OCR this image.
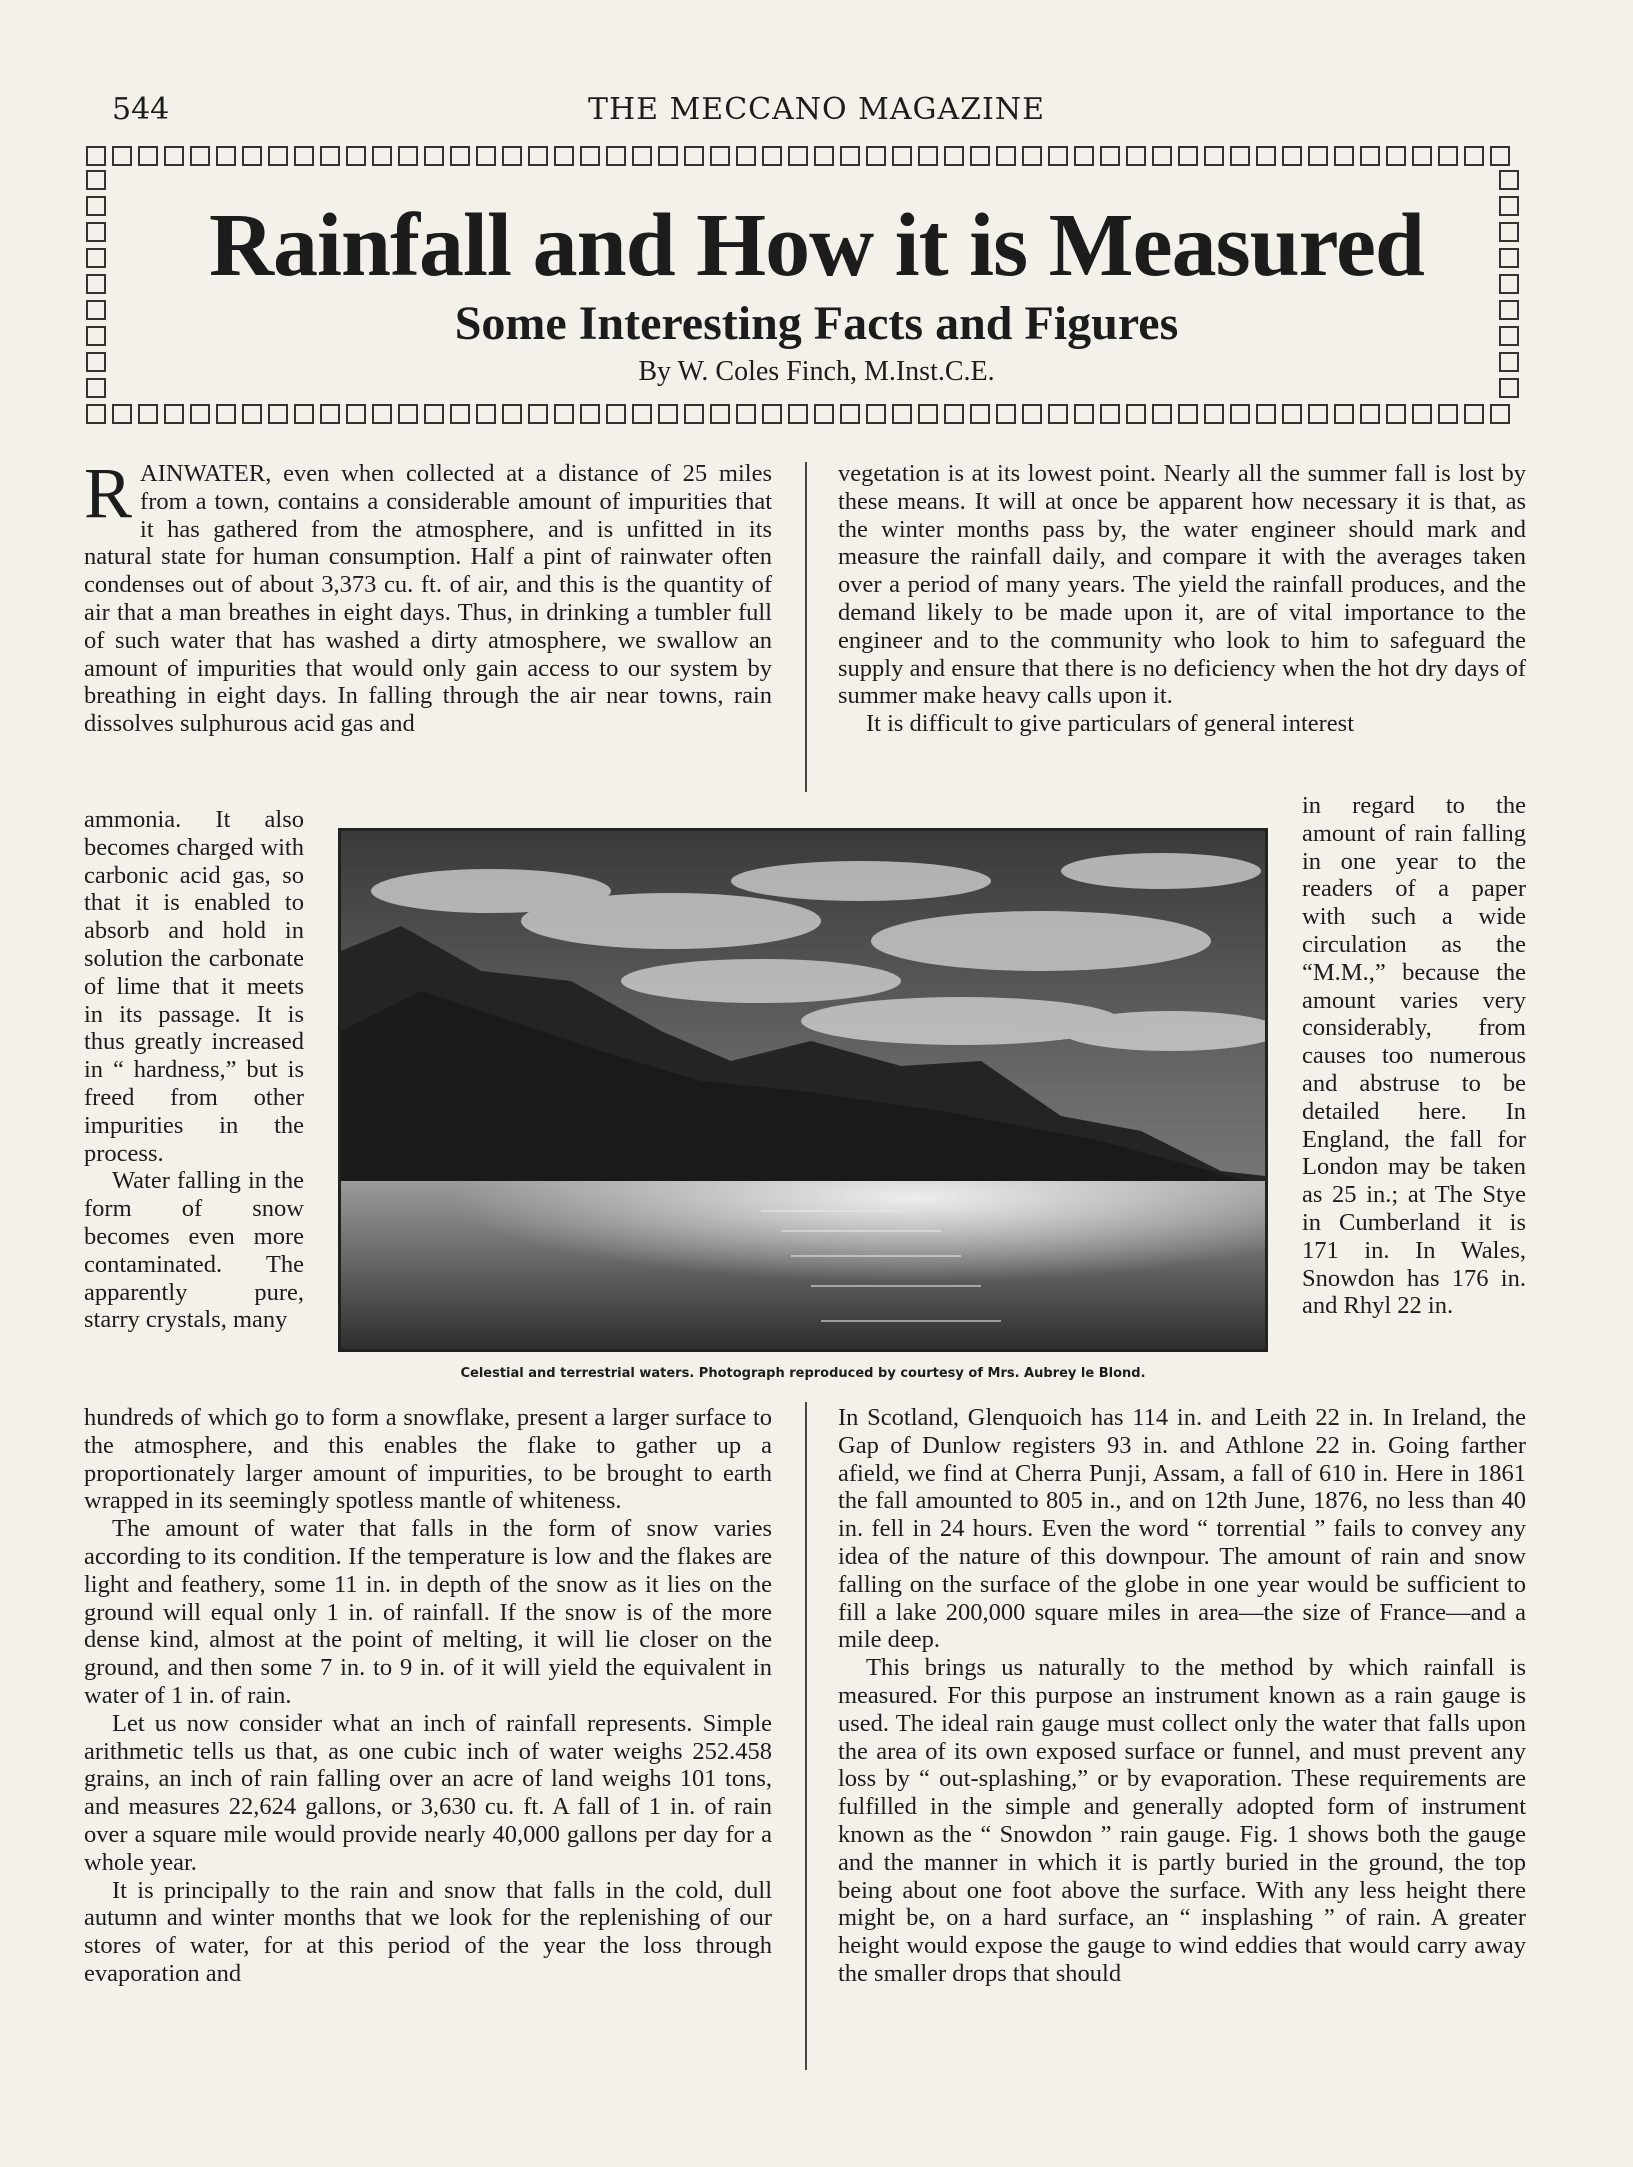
544	THE MECCANO MAGAZINE
Rainfall and How it is Measured
Some Interesting Facts and Figures
By W. Coles Finch, M.Inst.C.E.

RAINWATER, even when collected at a distance of 25 miles from a town, contains a considerable amount of impurities that it has gathered from the atmosphere, and is unfitted in its natural state for human consumption. Half a pint of rainwater often condenses out of about 3,373 cu. ft. of air, and this is the quantity of air that a man breathes in eight days. Thus, in drinking a tumbler full of such water that has washed a dirty atmosphere, we swallow an amount of impurities that would only gain access to our system by breathing in eight days. In falling through the air near towns, rain dissolves sulphurous acid gas and

ammonia. It also becomes charged with carbonic acid gas, so that it is enabled to absorb and hold in solution the carbonate of lime that it meets in its passage. It is thus greatly increased in “ hardness,” but is freed from other impurities in the process.

Water falling in the form of snow becomes even more contaminated. The apparently pure, starry crystals, many

hundreds of which go to form a snowflake, present a larger surface to the atmosphere, and this enables the flake to gather up a proportionately larger amount of impurities, to be brought to earth wrapped in its seemingly spotless mantle of whiteness.

The amount of water that falls in the form of snow varies according to its condition. If the temperature is low and the flakes are light and feathery, some 11 in. in depth of the snow as it lies on the ground will equal only 1 in. of rainfall. If the snow is of the more dense kind, almost at the point of melting, it will lie closer on the ground, and then some 7 in. to 9 in. of it will yield the equivalent in water of 1 in. of rain.

Let us now consider what an inch of rainfall represents. Simple arithmetic tells us that, as one cubic inch of water weighs 252.458 grains, an inch of rain falling over an acre of land weighs 101 tons, and measures 22,624 gallons, or 3,630 cu. ft. A fall of 1 in. of rain over a square mile would provide nearly 40,000 gallons per day for a whole year.

It is principally to the rain and snow that falls in the cold, dull autumn and winter months that we look for the replenishing of our stores of water, for at this period of the year the loss through evaporation and

vegetation is at its lowest point. Nearly all the summer fall is lost by these means. It will at once be apparent how necessary it is that, as the winter months pass by, the water engineer should mark and measure the rainfall daily, and compare it with the averages taken over a period of many years. The yield the rainfall produces, and the demand likely to be made upon it, are of vital importance to the engineer and to the community who look to him to safeguard the supply and ensure that there is no deficiency when the hot dry days of summer make heavy calls upon it.

It is difficult to give particulars of general interest

in regard to the amount of rain falling in one year to the readers of a paper with such a wide circulation as the “M.M.,” because the amount varies very considerably, from causes too numerous and abstruse to be detailed here. In England, the fall for London may be taken as 25 in.; at The Stye in Cumberland it is 171 in. In Wales, Snowdon has 176 in. and Rhyl 22 in.

In Scotland, Glenquoich has 114 in. and Leith 22 in. In Ireland, the Gap of Dunlow registers 93 in. and Athlone 22 in. Going farther afield, we find at Cherra Punji, Assam, a fall of 610 in. Here in 1861 the fall amounted to 805 in., and on 12th June, 1876, no less than 40 in. fell in 24 hours. Even the word “ torrential ” fails to convey any idea of the nature of this downpour. The amount of rain and snow falling on the surface of the globe in one year would be sufficient to fill a lake 200,000 square miles in area—the size of France—and a mile deep.

This brings us naturally to the method by which rainfall is measured. For this purpose an instrument known as a rain gauge is used. The ideal rain gauge must collect only the water that falls upon the area of its own exposed surface or funnel, and must prevent any loss by “ out-splashing,” or by evaporation. These requirements are fulfilled in the simple and generally adopted form of instrument known as the “ Snowdon ” rain gauge. Fig. 1 shows both the gauge and the manner in which it is partly buried in the ground, the top being about one foot above the surface. With any less height there might be, on a hard surface, an “ insplashing ” of rain. A greater height would expose the gauge to wind eddies that would carry away the smaller drops that should

Celestial and terrestrial waters. Photograph reproduced by courtesy of Mrs. Aubrey le Blond.
